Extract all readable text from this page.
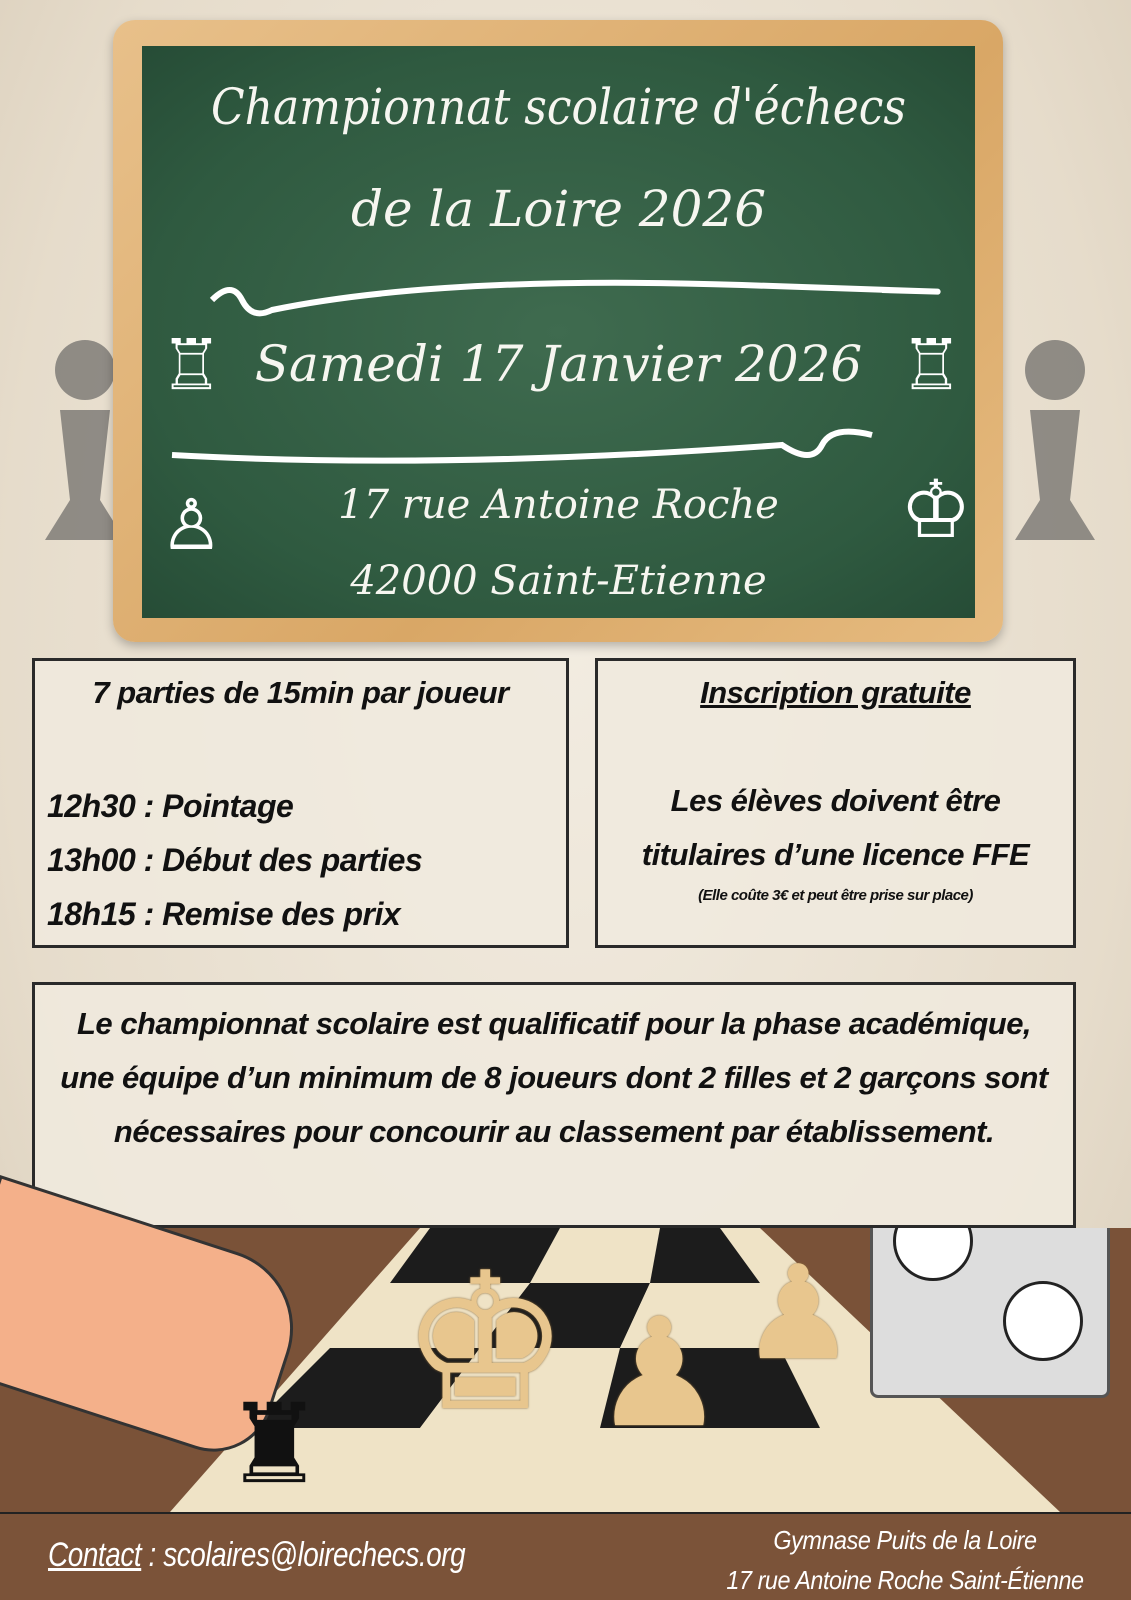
Championnat scolaire d'échecs
de la Loire 2026
Samedi 17 Janvier 2026
17 rue Antoine Roche
42000 Saint-Etienne
♖	♖
♙	♔
7 parties de 15min par joueur
12h30 : Pointage
13h00 : Début des parties
18h15 : Remise des prix
Inscription gratuite
Les élèves doivent être
titulaires d’une licence FFE
(Elle coûte 3€ et peut être prise sur place)
Le championnat scolaire est qualificatif pour la phase académique, une équipe d’un minimum de 8 joueurs dont 2 filles et 2 garçons sont nécessaires pour concourir au classement par établissement.
♚ ♟ ♟
♜
Contact : scolaires@loirechecs.org	Gymnase Puits de la Loire
17 rue Antoine Roche Saint-Étienne
